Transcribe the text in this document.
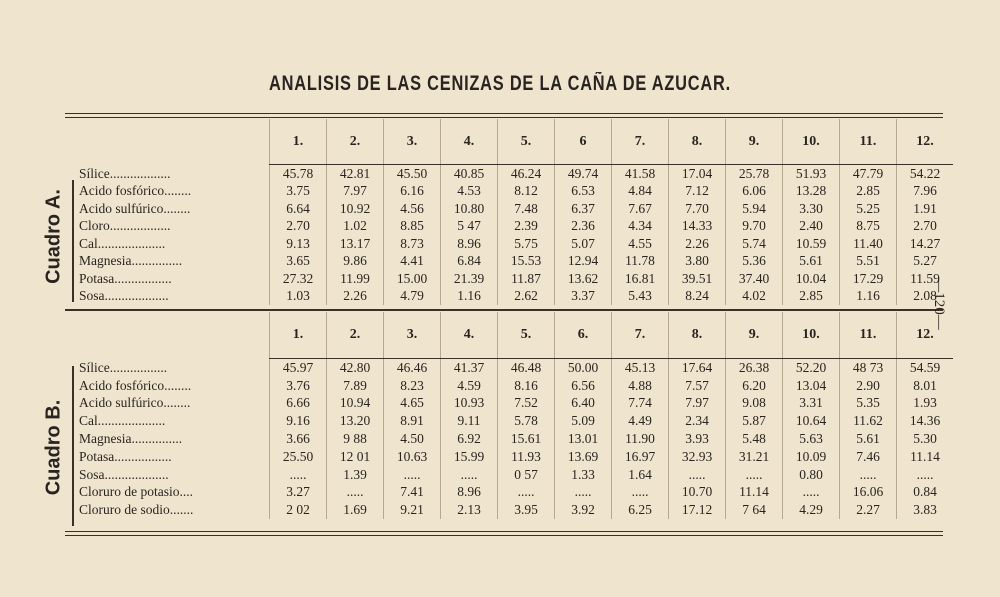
ANALISIS DE LAS CENIZAS DE LA CAÑA DE AZUCAR.
Cuadro A.
	1.	2.	3.	4.	5.	6	7.	8.	9.	10.	11.	12.
Sílice..................	45.78	42.81	45.50	40.85	46.24	49.74	41.58	17.04	25.78	51.93	47.79	54.22
Acido fosfórico........	3.75	7.97	6.16	4.53	8.12	6.53	4.84	7.12	6.06	13.28	2.85	7.96
Acido sulfúrico........	6.64	10.92	4.56	10.80	7.48	6.37	7.67	7.70	5.94	3.30	5.25	1.91
Cloro..................	2.70	1.02	8.85	5 47	2.39	2.36	4.34	14.33	9.70	2.40	8.75	2.70
Cal....................	9.13	13.17	8.73	8.96	5.75	5.07	4.55	2.26	5.74	10.59	11.40	14.27
Magnesia...............	3.65	9.86	4.41	6.84	15.53	12.94	11.78	3.80	5.36	5.61	5.51	5.27
Potasa.................	27.32	11.99	15.00	21.39	11.87	13.62	16.81	39.51	37.40	10.04	17.29	11.59
Sosa...................	1.03	2.26	4.79	1.16	2.62	3.37	5.43	8.24	4.02	2.85	1.16	2.08
Cuadro B.
	1.	2.	3.	4.	5.	6.	7.	8.	9.	10.	11.	12.
Sílice.................	45.97	42.80	46.46	41.37	46.48	50.00	45.13	17.64	26.38	52.20	48 73	54.59
Acido fosfórico........	3.76	7.89	8.23	4.59	8.16	6.56	4.88	7.57	6.20	13.04	2.90	8.01
Acido sulfúrico........	6.66	10.94	4.65	10.93	7.52	6.40	7.74	7.97	9.08	3.31	5.35	1.93
Cal....................	9.16	13.20	8.91	9.11	5.78	5.09	4.49	2.34	5.87	10.64	11.62	14.36
Magnesia...............	3.66	9 88	4.50	6.92	15.61	13.01	11.90	3.93	5.48	5.63	5.61	5.30
Potasa.................	25.50	12 01	10.63	15.99	11.93	13.69	16.97	32.93	31.21	10.09	7.46	11.14
Sosa...................	.....	1.39	.....	.....	0 57	1.33	1.64	.....	.....	0.80	.....	.....
Cloruro de potasio....	3.27	.....	7.41	8.96	.....	.....	.....	10.70	11.14	.....	16.06	0.84
Cloruro de sodio.......	2 02	1.69	9.21	2.13	3.95	3.92	6.25	17.12	7 64	4.29	2.27	3.83
—120—
